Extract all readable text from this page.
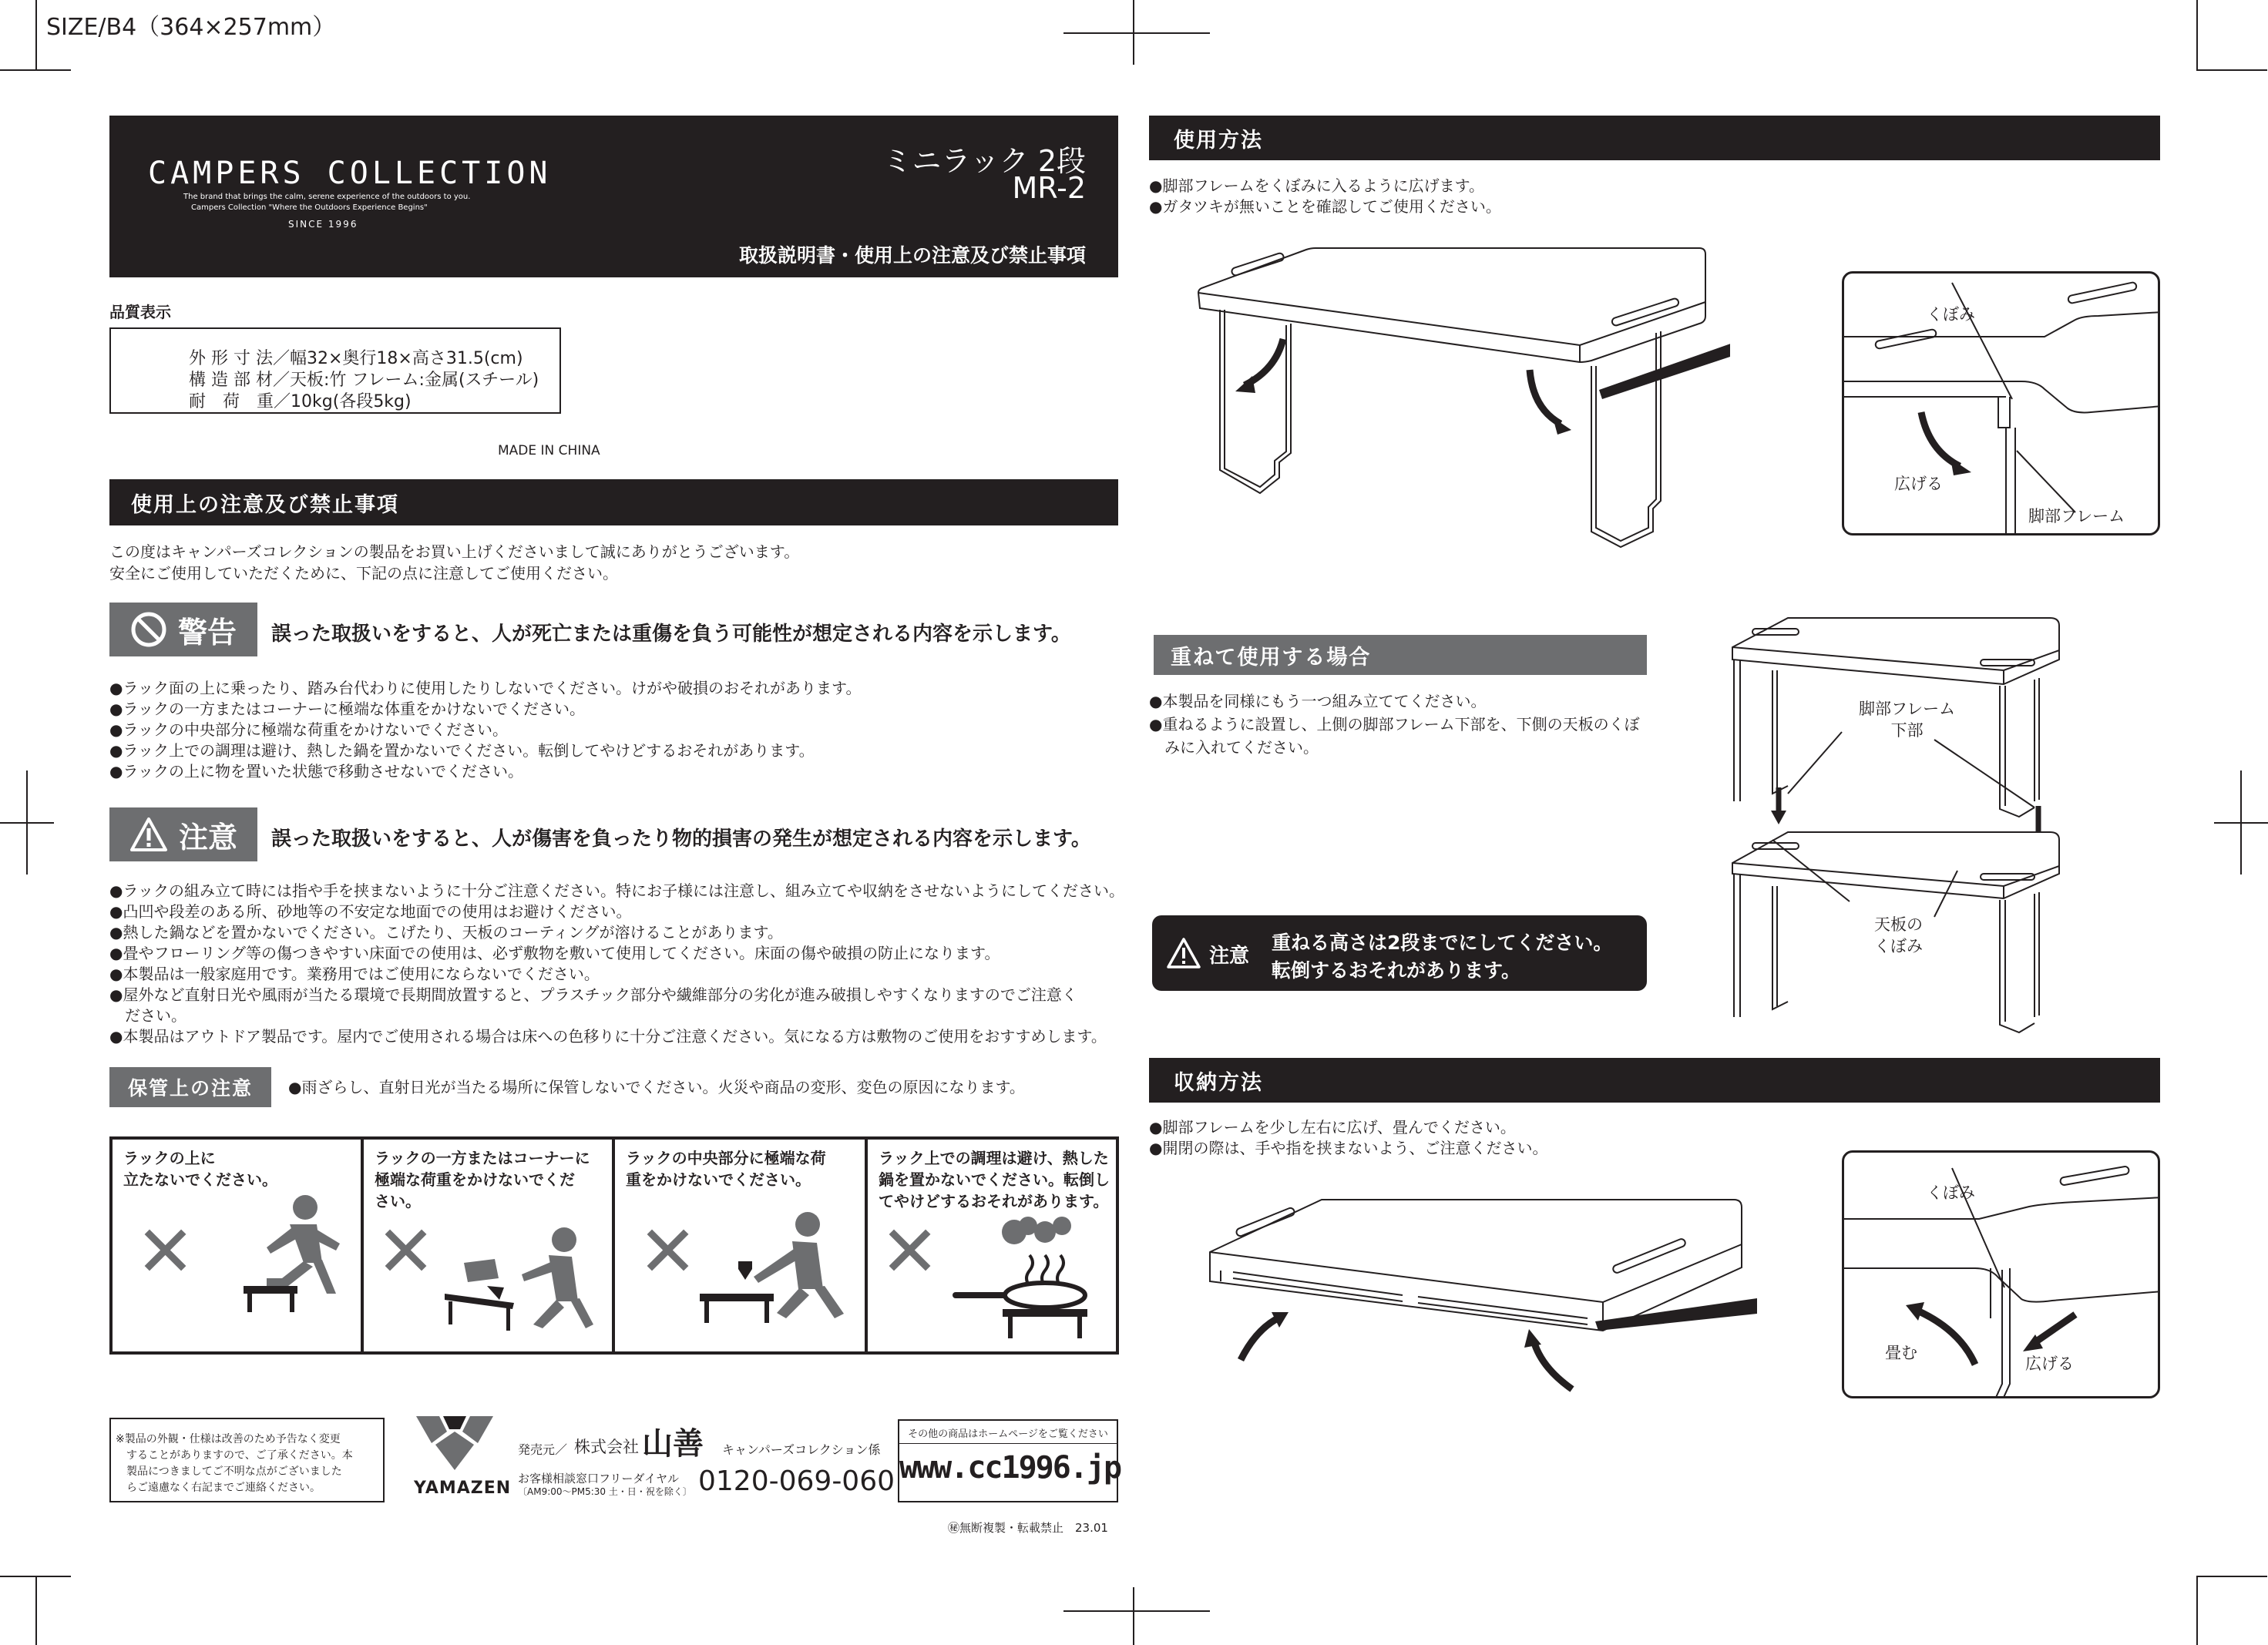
SIZE/B4（364×257mm）
CAMPERS COLLECTION
The brand that brings the calm, serene experience of the outdoors to you.
Campers Collection "Where the Outdoors Experience Begins"
SINCE 1996
ミニラック 2段
MR-2
取扱説明書・使用上の注意及び禁止事項
品質表示
外 形 寸 法／幅32×奥行18×高さ31.5(cm)
構 造 部 材／天板:竹 フレーム:金属(スチール)
耐　荷　重／10kg(各段5kg)
MADE IN CHINA
使用上の注意及び禁止事項
この度はキャンパーズコレクションの製品をお買い上げくださいまして誠にありがとうございます。
安全にご使用していただくために、下記の点に注意してご使用ください。
警告 誤った取扱いをすると、人が死亡または重傷を負う可能性が想定される内容を示します。
●ラック面の上に乗ったり、踏み台代わりに使用したりしないでください。けがや破損のおそれがあります。
●ラックの一方またはコーナーに極端な体重をかけないでください。
●ラックの中央部分に極端な荷重をかけないでください。
●ラック上での調理は避け、熱した鍋を置かないでください。転倒してやけどするおそれがあります。
●ラックの上に物を置いた状態で移動させないでください。
注意 誤った取扱いをすると、人が傷害を負ったり物的損害の発生が想定される内容を示します。
●ラックの組み立て時には指や手を挟まないように十分ご注意ください。特にお子様には注意し、組み立てや収納をさせないようにしてください。
●凸凹や段差のある所、砂地等の不安定な地面での使用はお避けください。
●熱した鍋などを置かないでください。こげたり、天板のコーティングが溶けることがあります。
●畳やフローリング等の傷つきやすい床面での使用は、必ず敷物を敷いて使用してください。床面の傷や破損の防止になります。
●本製品は一般家庭用です。業務用ではご使用にならないでください。
●屋外など直射日光や風雨が当たる環境で長期間放置すると、プラスチック部分や繊維部分の劣化が進み破損しやすくなりますのでご注意く
　ださい。
●本製品はアウトドア製品です。屋内でご使用される場合は床への色移りに十分ご注意ください。気になる方は敷物のご使用をおすすめします。
保管上の注意	●雨ざらし、直射日光が当たる場所に保管しないでください。火災や商品の変形、変色の原因になります。
ラックの上に
立たないでください。
✕
ラックの一方またはコーナーに
極端な荷重をかけないでくだ
さい。
✕
ラックの中央部分に極端な荷
重をかけないでください。
✕
ラック上での調理は避け、熱した
鍋を置かないでください。転倒し
てやけどするおそれがあります。
✕
※製品の外観・仕様は改善のため予告なく変更
　することがありますので、ご了承ください。本
　製品につきましてご不明な点がございました
　らご遠慮なく右記までご連絡ください。	YAMAZEN
発売元／ 株式会社 山善 キャンパーズコレクション係
お客様相談窓口フリーダイヤル
〔AM9:00〜PM5:30 土・日・祝を除く〕 0120-069-060
その他の商品はホームページをご覧ください
www.cc1996.jp
㊙無断複製・転載禁止　23.01
使用方法
●脚部フレームをくぼみに入るように広げます。
●ガタツキが無いことを確認してご使用ください。
くぼみ
広げる
脚部フレーム
重ねて使用する場合
●本製品を同様にもう一つ組み立ててください。
●重ねるように設置し、上側の脚部フレーム下部を、下側の天板のくぼ
　みに入れてください。
注意
重ねる高さは2段までにしてください。
転倒するおそれがあります。
脚部フレーム
下部
天板の
くぼみ
収納方法
●脚部フレームを少し左右に広げ、畳んでください。
●開閉の際は、手や指を挟まないよう、ご注意ください。
くぼみ
畳む
広げる
